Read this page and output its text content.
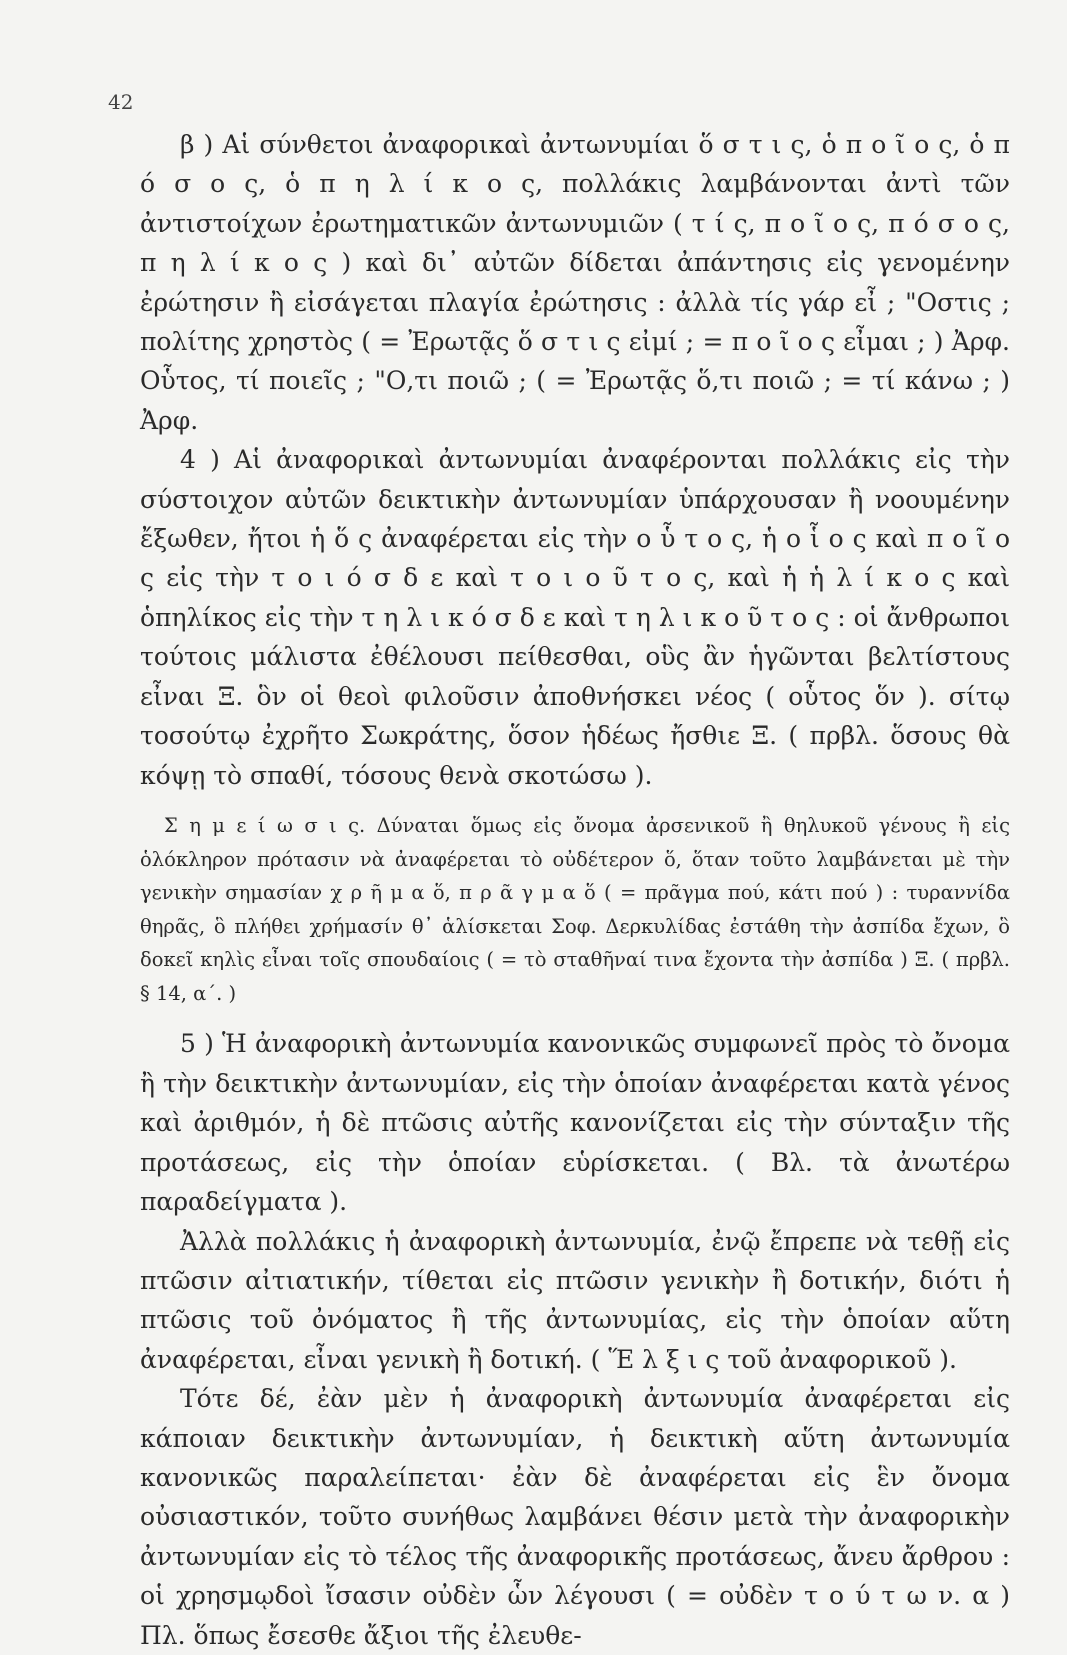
42

β ) Αἱ σύνθετοι ἀναφορικαὶ ἀντωνυμίαι ὅ σ τ ι ς, ὁ π ο ῖ ο ς, ὁ π ό σ ο ς, ὁ π η λ ί κ ο ς, πολλάκις λαμβάνονται ἀντὶ τῶν ἀντιστοίχων ἐρωτηματικῶν ἀντωνυμιῶν ( τ ί ς, π ο ῖ ο ς, π ό σ ο ς, π η λ ί κ ο ς ) καὶ δι᾽ αὐτῶν δίδεται ἀπάντησις εἰς γενομένην ἐρώτησιν ἢ εἰσάγεται πλαγία ἐρώτησις : ἀλλὰ τίς γάρ εἶ ; "Οστις ; πολίτης χρηστὸς ( = Ἐρωτᾷς ὅ σ τ ι ς εἰμί ; = π ο ῖ ο ς εἶμαι ; ) Ἀρφ. Οὗτος, τί ποιεῖς ; "Ο,τι ποιῶ ; ( = Ἐρωτᾷς ὅ,τι ποιῶ ; = τί κάνω ; ) Ἀρφ.

4 ) Αἱ ἀναφορικαὶ ἀντωνυμίαι ἀναφέρονται πολλάκις εἰς τὴν σύστοιχον αὐτῶν δεικτικὴν ἀντωνυμίαν ὑπάρχουσαν ἢ νοουμένην ἔξωθεν, ἤτοι ἡ ὅ ς ἀναφέρεται εἰς τὴν ο ὗ τ ο ς, ἡ ο ἷ ο ς καὶ π ο ῖ ο ς εἰς τὴν τ ο ι ό σ δ ε καὶ τ ο ι ο ῦ τ ο ς, καὶ ἡ ἡ λ ί κ ο ς καὶ ὁπηλίκος εἰς τὴν τ η λ ι κ ό σ δ ε καὶ τ η λ ι κ ο ῦ τ ο ς : οἱ ἄνθρωποι τούτοις μάλιστα ἐθέλουσι πείθεσθαι, οὓς ἂν ἡγῶνται βελτίστους εἶναι Ξ. ὃν οἱ θεοὶ φιλοῦσιν ἀποθνήσκει νέος ( οὗτος ὅν ). σίτῳ τοσούτῳ ἐχρῆτο Σωκράτης, ὅσον ἡδέως ἤσθιε Ξ. ( πρβλ. ὅσους θὰ κόψῃ τὸ σπαθί, τόσους θενὰ σκοτώσω ).

Σ η μ ε ί ω σ ι ς. Δύναται ὅμως εἰς ὄνομα ἀρσενικοῦ ἢ θηλυκοῦ γένους ἢ εἰς ὁλόκληρον πρότασιν νὰ ἀναφέρεται τὸ οὐδέτερον ὅ, ὅταν τοῦτο λαμβάνεται μὲ τὴν γενικὴν σημασίαν χ ρ ῆ μ α ὅ, π ρ ᾶ γ μ α ὅ ( = πρᾶγμα πού, κάτι πού ) : τυραννίδα θηρᾶς, ὃ πλήθει χρήμασίν θ᾽ ἁλίσκεται Σοφ. Δερκυλίδας ἐστάθη τὴν ἀσπίδα ἔχων, ὃ δοκεῖ κηλὶς εἶναι τοῖς σπουδαίοις ( = τὸ σταθῆναί τινα ἔχοντα τὴν ἀσπίδα ) Ξ. ( πρβλ. § 14, α΄. )

5 ) Ἡ ἀναφορικὴ ἀντωνυμία κανονικῶς συμφωνεῖ πρὸς τὸ ὄνομα ἢ τὴν δεικτικὴν ἀντωνυμίαν, εἰς τὴν ὁποίαν ἀναφέρεται κατὰ γένος καὶ ἀριθμόν, ἡ δὲ πτῶσις αὐτῆς κανονίζεται εἰς τὴν σύνταξιν τῆς προτάσεως, εἰς τὴν ὁποίαν εὑρίσκεται. ( Βλ. τὰ ἀνωτέρω παραδείγματα ).

Ἀλλὰ πολλάκις ἡ ἀναφορικὴ ἀντωνυμία, ἐνῷ ἔπρεπε νὰ τεθῇ εἰς πτῶσιν αἰτιατικήν, τίθεται εἰς πτῶσιν γενικὴν ἢ δοτικήν, διότι ἡ πτῶσις τοῦ ὀνόματος ἢ τῆς ἀντωνυμίας, εἰς τὴν ὁποίαν αὕτη ἀναφέρεται, εἶναι γενικὴ ἢ δοτική. ( Ἕ λ ξ ι ς τοῦ ἀναφορικοῦ ).

Τότε δέ, ἐὰν μὲν ἡ ἀναφορικὴ ἀντωνυμία ἀναφέρεται εἰς κάποιαν δεικτικὴν ἀντωνυμίαν, ἡ δεικτικὴ αὕτη ἀντωνυμία κανονικῶς παραλείπεται· ἐὰν δὲ ἀναφέρεται εἰς ἓν ὄνομα οὐσιαστικόν, τοῦτο συνήθως λαμβάνει θέσιν μετὰ τὴν ἀναφορικὴν ἀντωνυμίαν εἰς τὸ τέλος τῆς ἀναφορικῆς προτάσεως, ἄνευ ἄρθρου : οἱ χρησμῳδοὶ ἴσασιν οὐδὲν ὧν λέγουσι ( = οὐδὲν τ ο ύ τ ω ν. α ) Πλ. ὅπως ἔσεσθε ἄξιοι τῆς ἐλευθε-
